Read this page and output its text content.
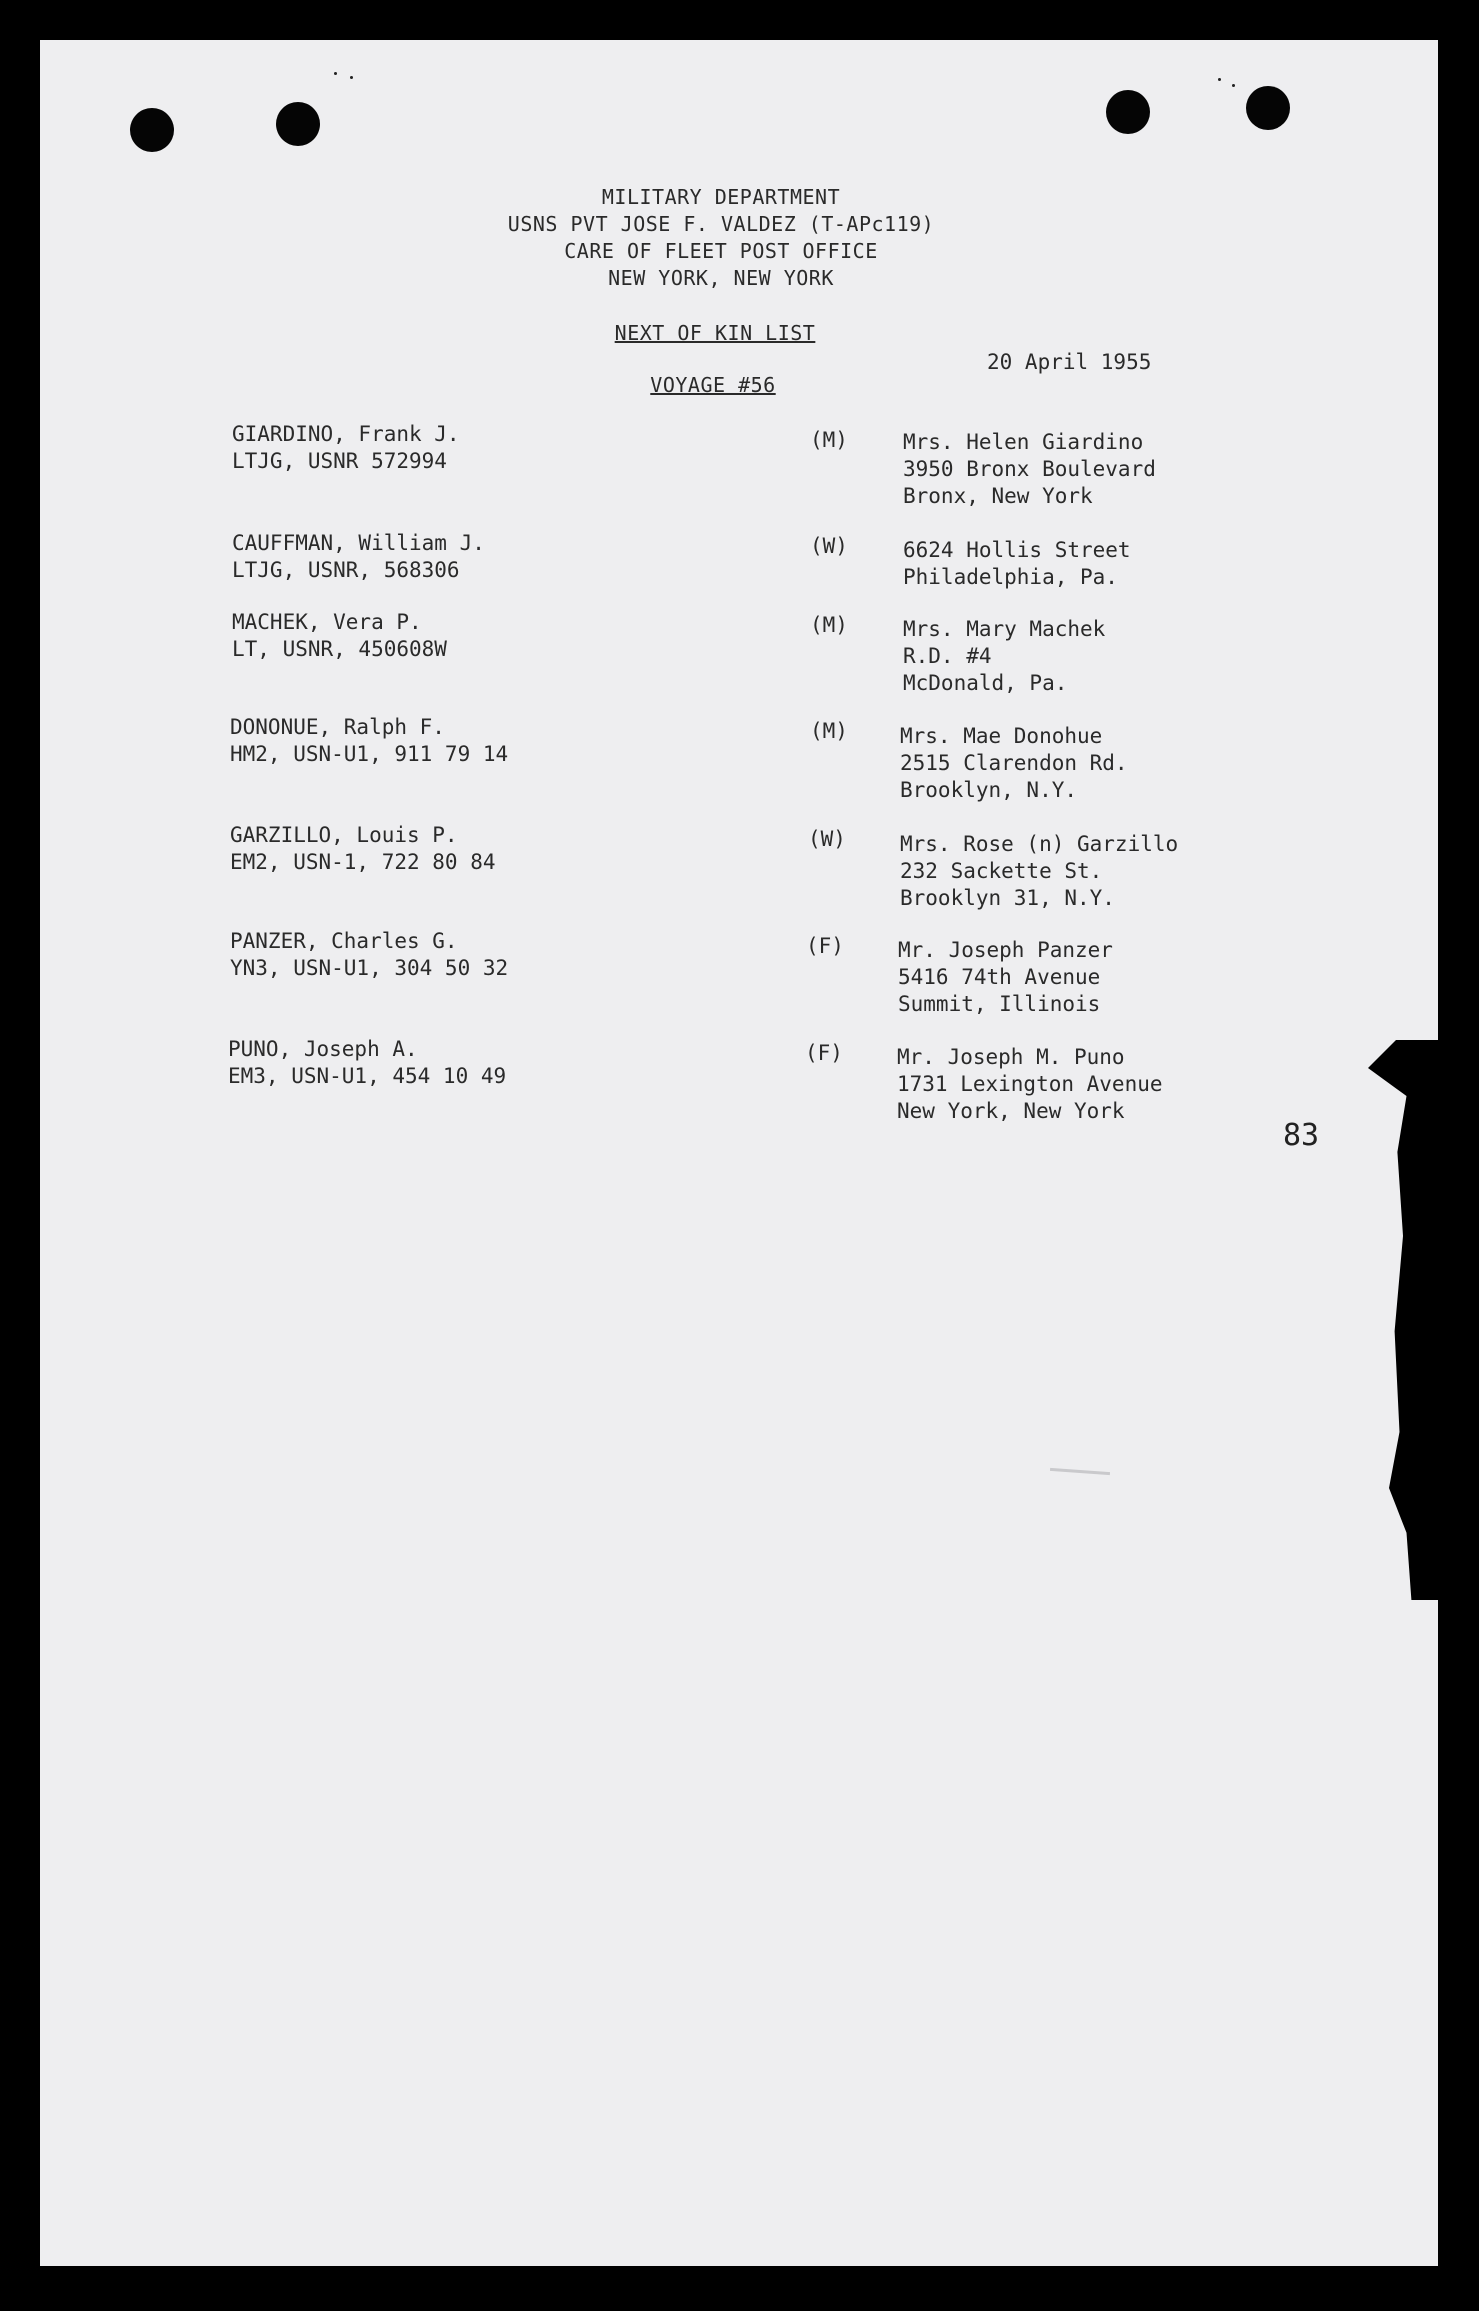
MILITARY DEPARTMENT
USNS PVT JOSE F. VALDEZ (T-APc119)
CARE OF FLEET POST OFFICE
NEW YORK, NEW YORK
NEXT OF KIN LIST
VOYAGE #56
20 April 1955
GIARDINO, Frank J.
LTJG, USNR 572994
(M)	Mrs. Helen Giardino
3950 Bronx Boulevard
Bronx, New York
CAUFFMAN, William J.
LTJG, USNR, 568306
(W)	6624 Hollis Street
Philadelphia, Pa.
MACHEK, Vera P.
LT, USNR, 450608W
(M)	Mrs. Mary Machek
R.D. #4
McDonald, Pa.
DONONUE, Ralph F.
HM2, USN-U1, 911 79 14
(M) Mrs. Mae Donohue
2515 Clarendon Rd.
Brooklyn, N.Y.
GARZILLO, Louis P.
EM2, USN-1, 722 80 84
(W)	Mrs. Rose (n) Garzillo
232 Sackette St.
Brooklyn 31, N.Y.
PANZER, Charles G.
YN3, USN-U1, 304 50 32
(F)	Mr. Joseph Panzer
5416 74th Avenue
Summit, Illinois
PUNO, Joseph A.
EM3, USN-U1, 454 10 49
(F)	Mr. Joseph M. Puno
1731 Lexington Avenue
New York, New York
83
